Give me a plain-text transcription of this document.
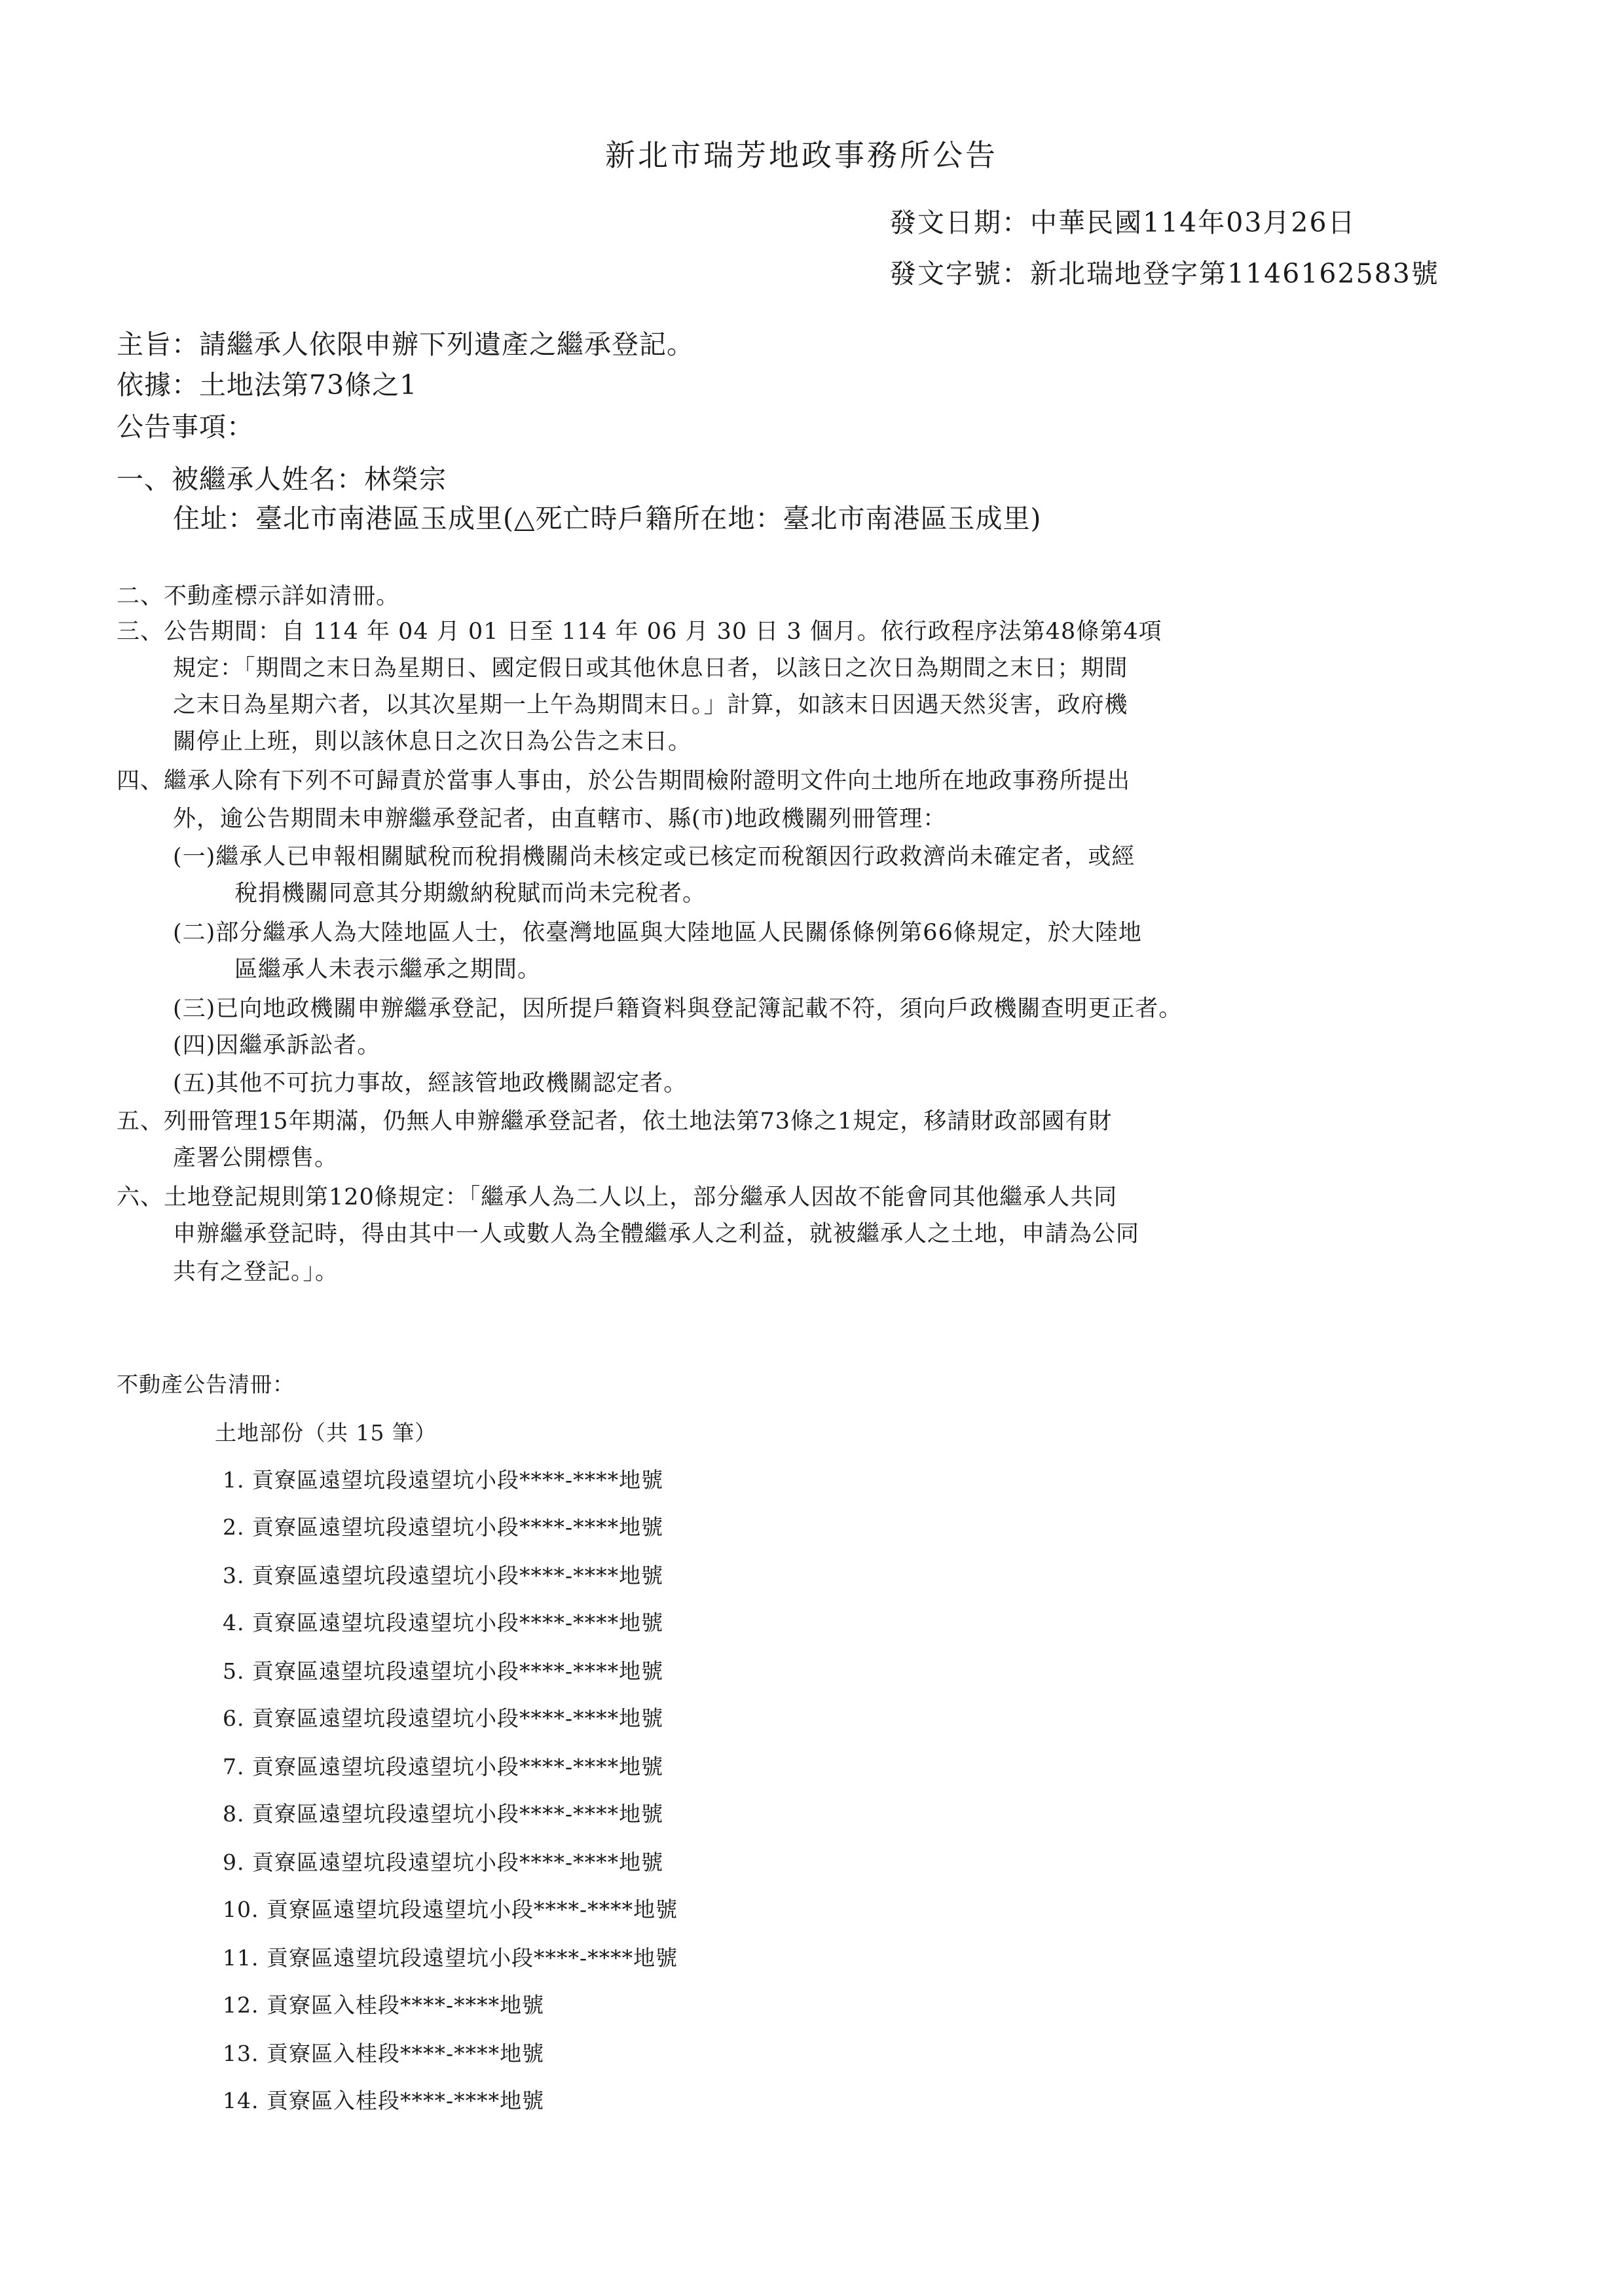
新北市瑞芳地政事務所公告
發文日期：中華民國114年03月26日
發文字號：新北瑞地登字第1146162583號
主旨：請繼承人依限申辦下列遺產之繼承登記。
依據：土地法第73條之1
公告事項：
一、被繼承人姓名：林榮宗
住址：臺北市南港區玉成里(△死亡時戶籍所在地：臺北市南港區玉成里)
二、不動產標示詳如清冊。
三、公告期間：自 114 年 04 月 01 日至 114 年 06 月 30 日 3 個月。依行政程序法第48條第4項
規定：「期間之末日為星期日、國定假日或其他休息日者，以該日之次日為期間之末日；期間
之末日為星期六者，以其次星期一上午為期間末日。」計算，如該末日因遇天然災害，政府機
關停止上班，則以該休息日之次日為公告之末日。
四、繼承人除有下列不可歸責於當事人事由，於公告期間檢附證明文件向土地所在地政事務所提出
外，逾公告期間未申辦繼承登記者，由直轄市、縣(市)地政機關列冊管理：
(一)繼承人已申報相關賦稅而稅捐機關尚未核定或已核定而稅額因行政救濟尚未確定者，或經
稅捐機關同意其分期繳納稅賦而尚未完稅者。
(二)部分繼承人為大陸地區人士，依臺灣地區與大陸地區人民關係條例第66條規定，於大陸地
區繼承人未表示繼承之期間。
(三)已向地政機關申辦繼承登記，因所提戶籍資料與登記簿記載不符，須向戶政機關查明更正者。
(四)因繼承訴訟者。
(五)其他不可抗力事故，經該管地政機關認定者。
五、列冊管理15年期滿，仍無人申辦繼承登記者，依土地法第73條之1規定，移請財政部國有財
產署公開標售。
六、土地登記規則第120條規定：「繼承人為二人以上，部分繼承人因故不能會同其他繼承人共同
申辦繼承登記時，得由其中一人或數人為全體繼承人之利益，就被繼承人之土地，申請為公同
共有之登記。」。
不動產公告清冊：
土地部份（共 15 筆）
1. 貢寮區遠望坑段遠望坑小段****-****地號
2. 貢寮區遠望坑段遠望坑小段****-****地號
3. 貢寮區遠望坑段遠望坑小段****-****地號
4. 貢寮區遠望坑段遠望坑小段****-****地號
5. 貢寮區遠望坑段遠望坑小段****-****地號
6. 貢寮區遠望坑段遠望坑小段****-****地號
7. 貢寮區遠望坑段遠望坑小段****-****地號
8. 貢寮區遠望坑段遠望坑小段****-****地號
9. 貢寮區遠望坑段遠望坑小段****-****地號
10. 貢寮區遠望坑段遠望坑小段****-****地號
11. 貢寮區遠望坑段遠望坑小段****-****地號
12. 貢寮區入桂段****-****地號
13. 貢寮區入桂段****-****地號
14. 貢寮區入桂段****-****地號
